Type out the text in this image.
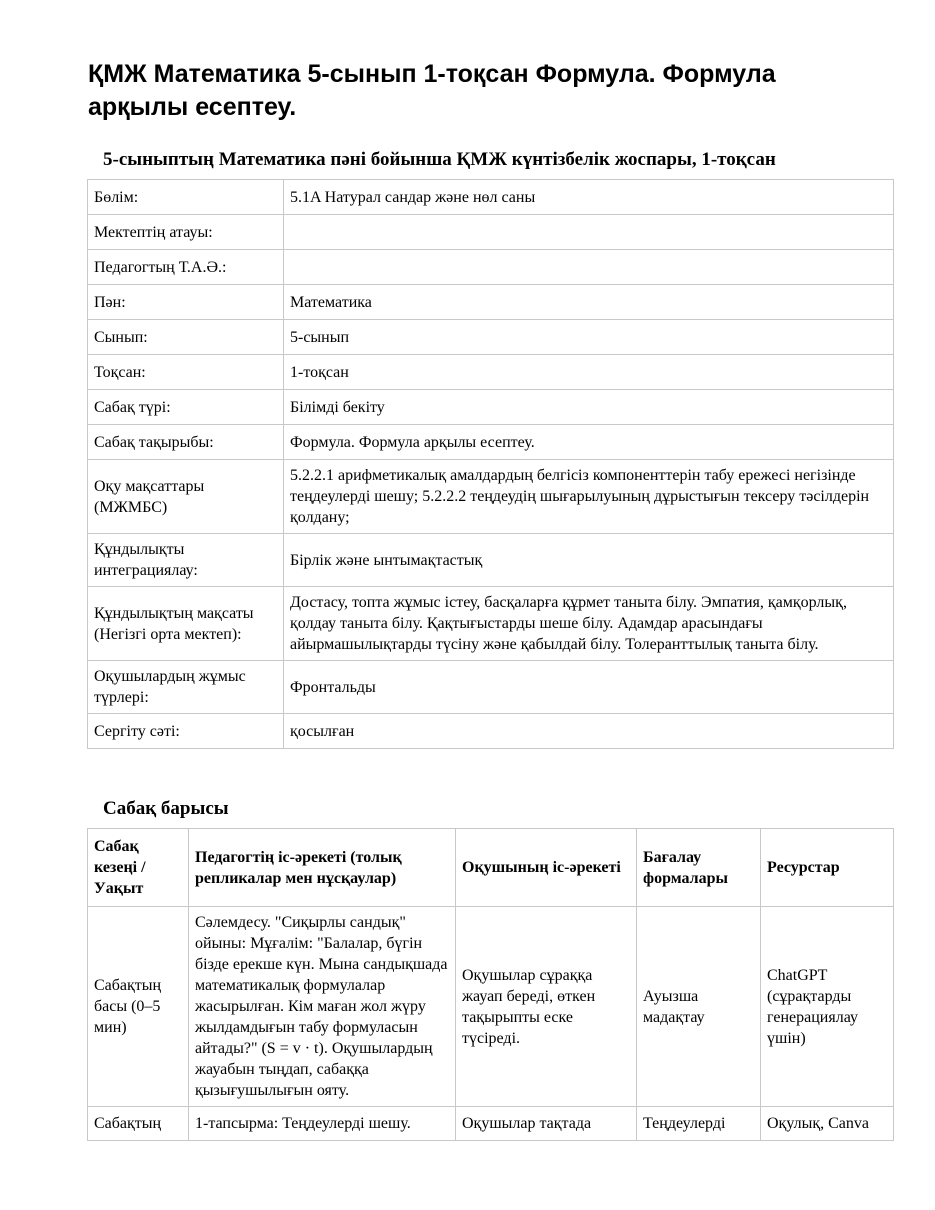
ҚМЖ Математика 5-сынып 1-тоқсан Формула. Формула арқылы есептеу.
5-сыныптың Математика пәні бойынша ҚМЖ күнтізбелік жоспары, 1-тоқсан
Бөлім:	5.1A Натурал сандар және нөл саны
Мектептің атауы:	
Педагогтың Т.А.Ә.:	
Пән:	Математика
Сынып:	5-сынып
Тоқсан:	1-тоқсан
Сабақ түрі:	Білімді бекіту
Сабақ тақырыбы:	Формула. Формула арқылы есептеу.
Оқу мақсаттары (МЖМБС)	5.2.2.1 арифметикалық амалдардың белгісіз компоненттерін табу ережесі негізінде теңдеулерді шешу; 5.2.2.2 теңдеудің шығарылуының дұрыстығын тексеру тәсілдерін қолдану;
Құндылықты интеграциялау:	Бірлік және ынтымақтастық
Құндылықтың мақсаты (Негізгі орта мектеп):	Достасу, топта жұмыс істеу, басқаларға құрмет таныта білу. Эмпатия, қамқорлық, қолдау таныта білу. Қақтығыстарды шеше білу. Адамдар арасындағы айырмашылықтарды түсіну және қабылдай білу. Толеранттылық таныта білу.
Оқушылардың жұмыс түрлері:	Фронтальды
Сергіту сәті:	қосылған
Сабақ барысы
Сабақ кезеңі / Уақыт	Педагогтің іс-әрекеті (толық репликалар мен нұсқаулар)	Оқушының іс-әрекеті	Бағалау формалары	Ресурстар
Сабақтың басы (0–5 мин)	Сәлемдесу. "Сиқырлы сандық" ойыны: Мұғалім: "Балалар, бүгін бізде ерекше күн. Мына сандықшада математикалық формулалар жасырылған. Кім маған жол жүру жылдамдығын табу формуласын айтады?" (S = v · t). Оқушылардың жауабын тыңдап, сабаққа қызығушылығын ояту.	Оқушылар сұраққа жауап береді, өткен тақырыпты еске түсіреді.	Ауызша мадақтау	ChatGPT (сұрақтарды генерациялау үшін)
Сабақтың	1-тапсырма: Теңдеулерді шешу.	Оқушылар тақтада	Теңдеулерді	Оқулық, Canva
